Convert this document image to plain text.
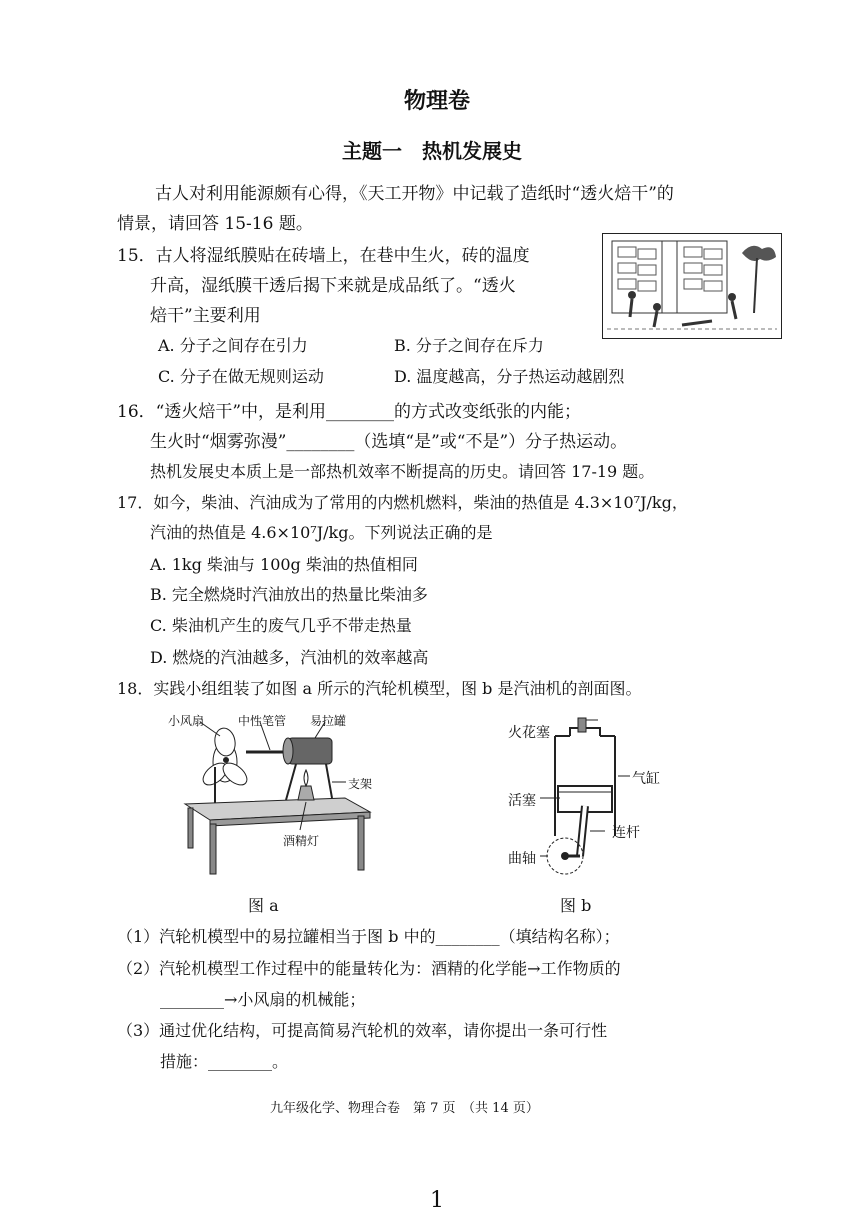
物理卷
主题一　热机发展史
古人对利用能源颇有心得，《天工开物》中记载了造纸时“透火焙干”的
情景，请回答 15-16 题。
15．古人将湿纸膜贴在砖墙上，在巷中生火，砖的温度
升高，湿纸膜干透后揭下来就是成品纸了。“透火
焙干”主要利用
A. 分子之间存在引力	B. 分子之间存在斥力
C. 分子在做无规则运动	D. 温度越高，分子热运动越剧烈
16．“透火焙干”中，是利用________的方式改变纸张的内能；
生火时“烟雾弥漫”________（选填“是”或“不是”）分子热运动。
热机发展史本质上是一部热机效率不断提高的历史。请回答 17-19 题。
17．如今，柴油、汽油成为了常用的内燃机燃料，柴油的热值是 4.3×10⁷J/kg，
汽油的热值是 4.6×10⁷J/kg。下列说法正确的是
A. 1kg 柴油与 100g 柴油的热值相同
B. 完全燃烧时汽油放出的热量比柴油多
C. 柴油机产生的废气几乎不带走热量
D. 燃烧的汽油越多，汽油机的效率越高
18．实践小组组装了如图 a 所示的汽轮机模型，图 b 是汽油机的剖面图。
小风扇	中性笔管 易拉罐
支架
酒精灯
图 a
火花塞
气缸
活塞
连杆
曲轴
图 b
（1）汽轮机模型中的易拉罐相当于图 b 中的________（填结构名称）；
（2）汽轮机模型工作过程中的能量转化为：酒精的化学能→工作物质的
________→小风扇的机械能；
（3）通过优化结构，可提高简易汽轮机的效率，请你提出一条可行性
措施：________。
九年级化学、物理合卷　第 7 页　（共 14 页）
1
